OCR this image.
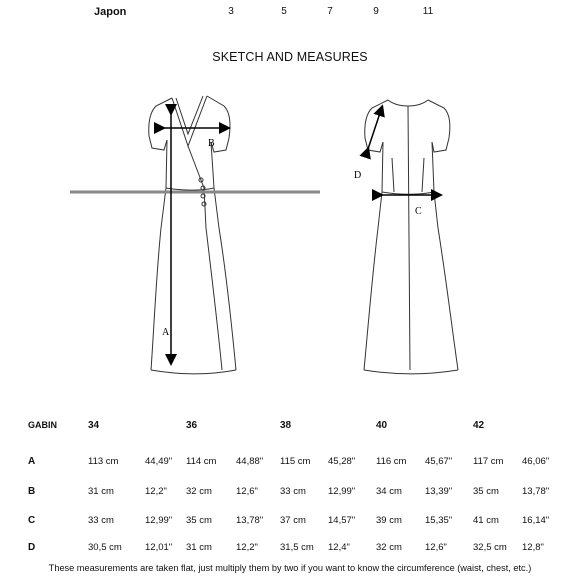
Japon	3	5	7	9	11
SKETCH AND MEASURES
A
B
D
C
GABIN	34	36	38	40	42
A	113 cm	44,49" 114 cm 44,88" 115 cm 45,28" 116 cm 45,67" 117 cm 46,06"
B	31 cm	12,2" 32 cm	12,6" 33 cm 12,99" 34 cm 13,39" 35 cm 13,78"
C	33 cm	12,99" 35 cm	13,78" 37 cm 14,57" 39 cm 15,35" 41 cm 16,14"
D	30,5 cm 12,01" 31 cm	12,2" 31,5 cm 12,4"	32 cm 12,6"	32,5 cm 12,8"
These measurements are taken flat, just multiply them by two if you want to know the circumference (waist, chest, etc.)
